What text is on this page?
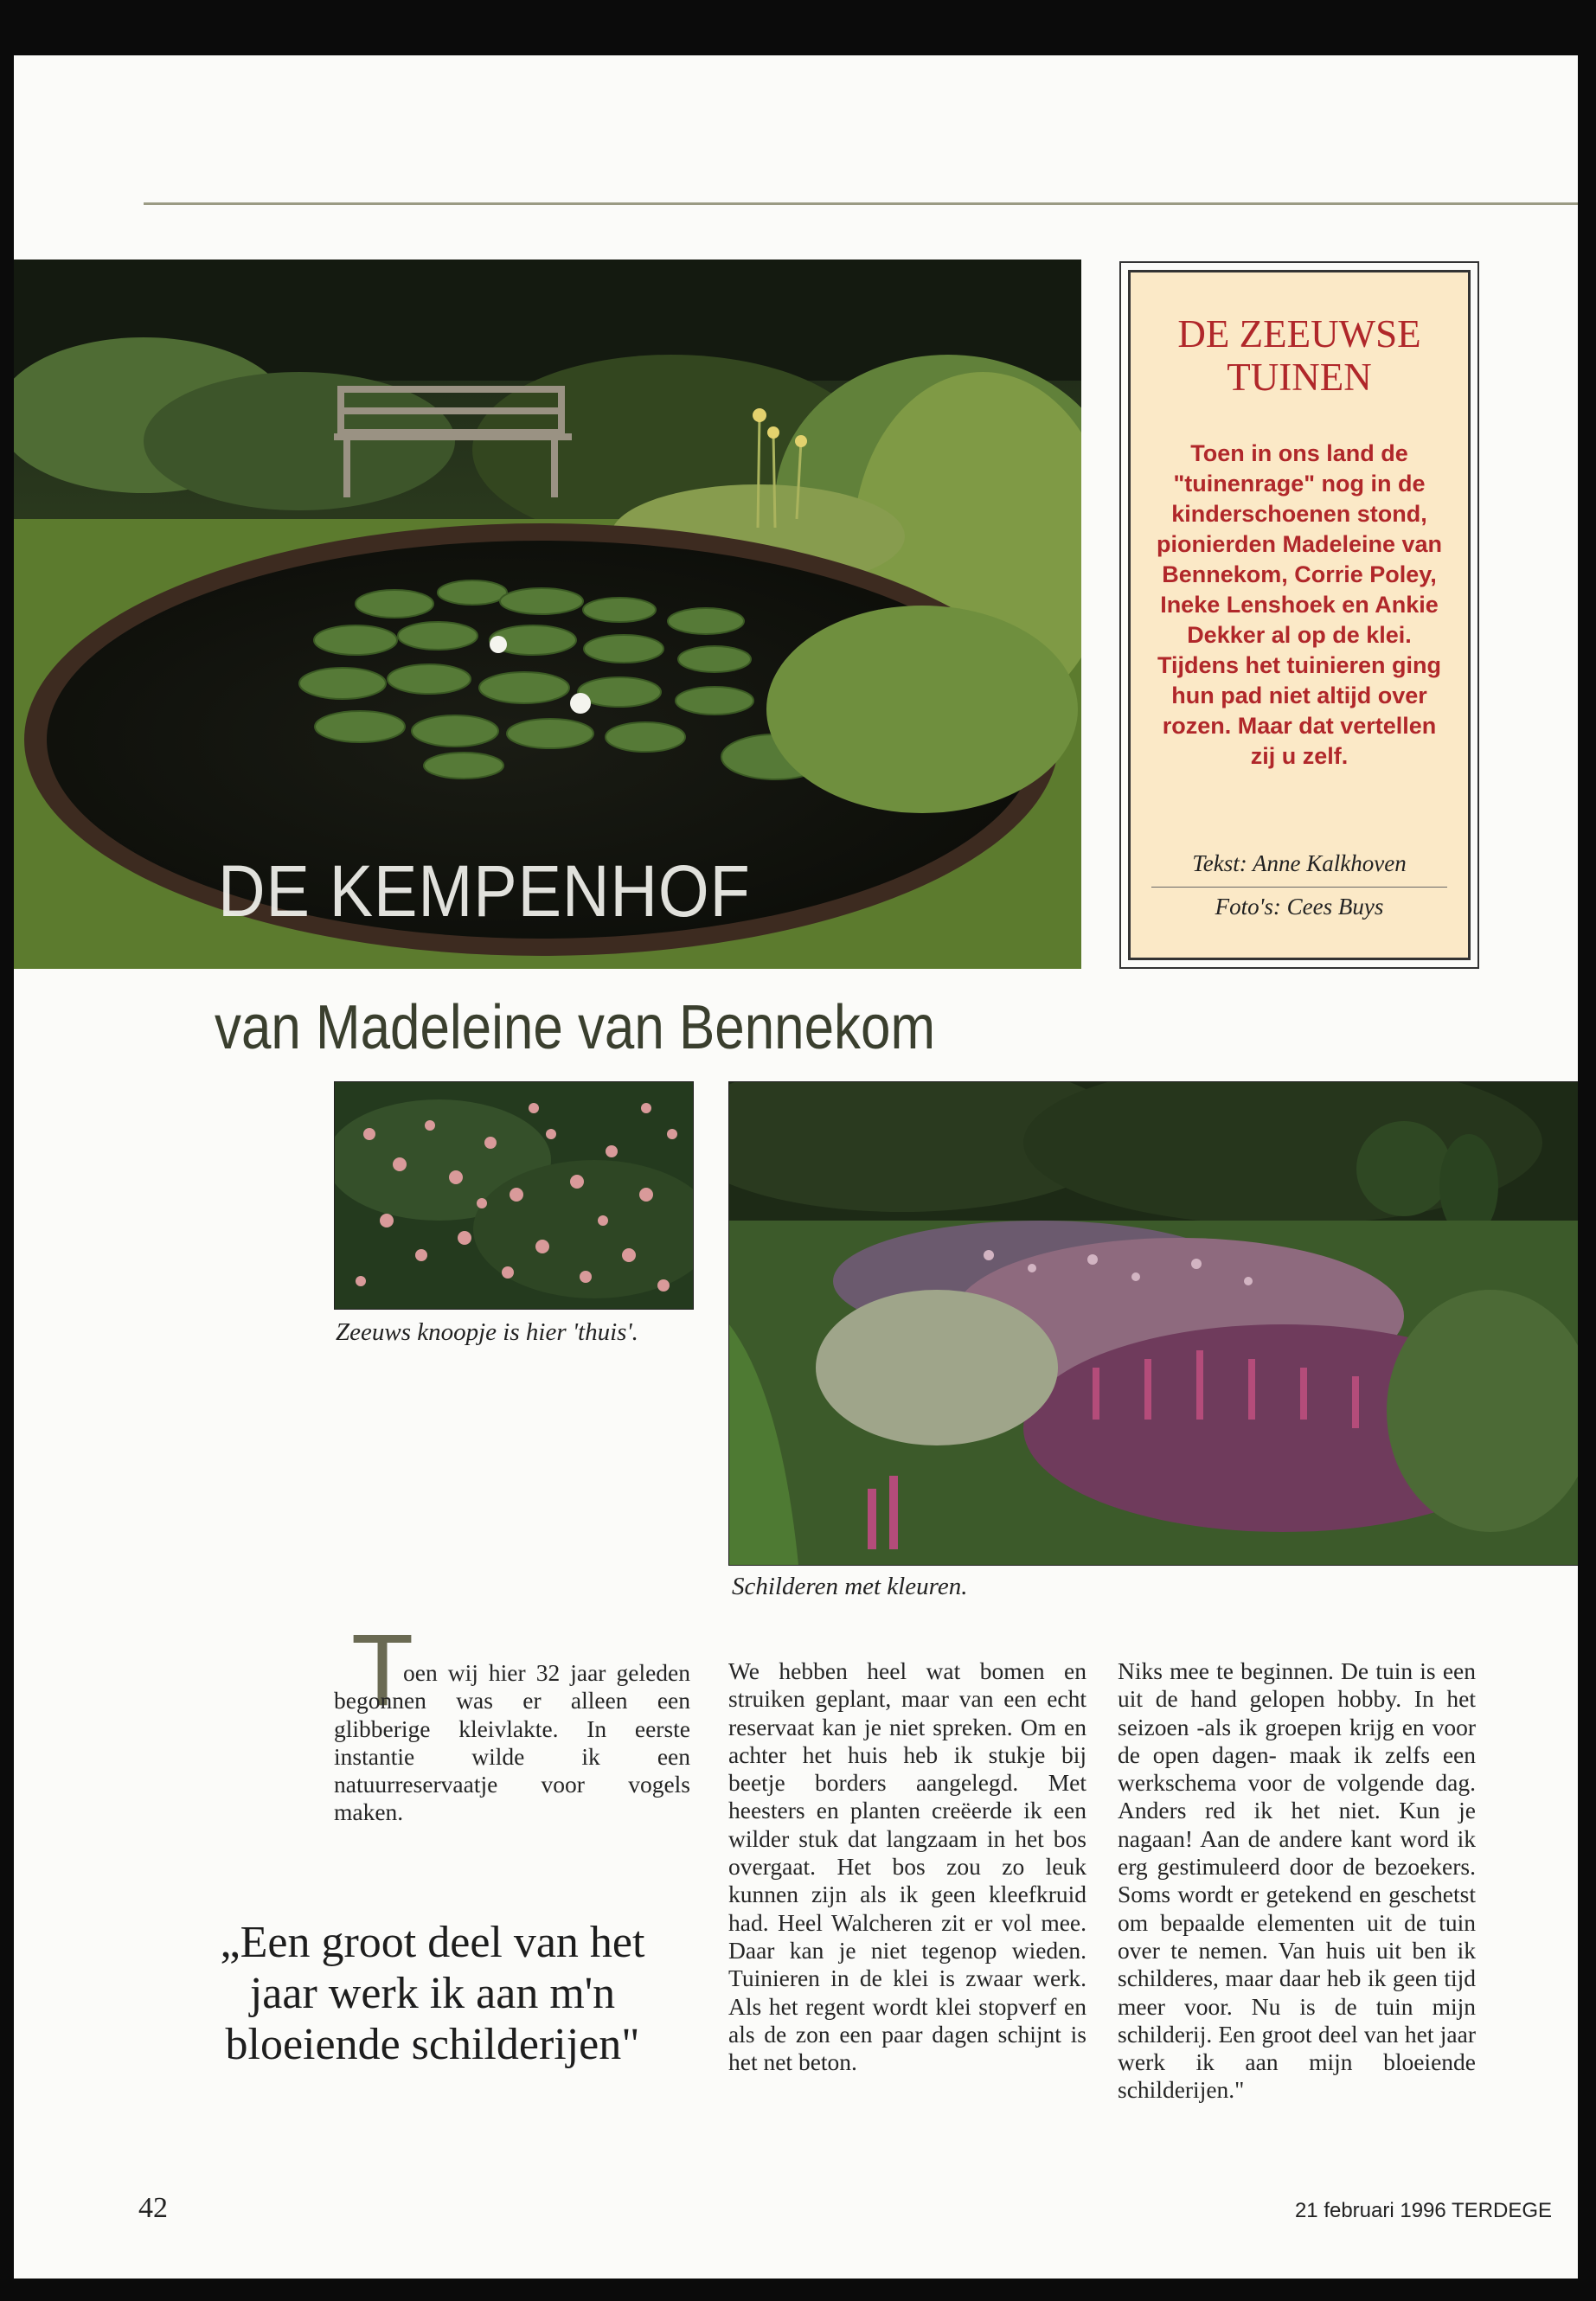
DE KEMPENHOF
van Madeleine van Bennekom
DE ZEEUWSE TUINEN
Toen in ons land de "tuinenrage" nog in de kinderschoenen stond, pionierden Madeleine van Bennekom, Corrie Poley, Ineke Lenshoek en Ankie Dekker al op de klei. Tijdens het tuinieren ging hun pad niet altijd over rozen. Maar dat vertellen zij u zelf.
Tekst: Anne Kalkhoven
Foto's: Cees Buys
Zeeuws knoopje is hier 'thuis'.
Schilderen met kleuren.
T

oen wij hier 32 jaar geleden begonnen was er alleen een glibberige kleivlakte. In eerste instantie wilde ik een natuurreservaatje voor vogels maken.

„Een groot deel van het jaar werk ik aan m'n bloeiende schilderijen"

We hebben heel wat bomen en struiken geplant, maar van een echt reservaat kan je niet spreken. Om en achter het huis heb ik stukje bij beetje borders aangelegd. Met heesters en planten creëerde ik een wilder stuk dat langzaam in het bos overgaat. Het bos zou zo leuk kunnen zijn als ik geen kleefkruid had. Heel Walcheren zit er vol mee. Daar kan je niet tegenop wieden. Tuinieren in de klei is zwaar werk. Als het regent wordt klei stopverf en als de zon een paar dagen schijnt is het net beton.

Niks mee te beginnen. De tuin is een uit de hand gelopen hobby. In het seizoen -als ik groepen krijg en voor de open dagen- maak ik zelfs een werkschema voor de volgende dag. Anders red ik het niet. Kun je nagaan! Aan de andere kant word ik erg gestimuleerd door de bezoekers. Soms wordt er getekend en geschetst om bepaalde elementen uit de tuin over te nemen. Van huis uit ben ik schilderes, maar daar heb ik geen tijd meer voor. Nu is de tuin mijn schilderij. Een groot deel van het jaar werk ik aan mijn bloeiende schilderijen."

42	21 februari 1996 TERDEGE
